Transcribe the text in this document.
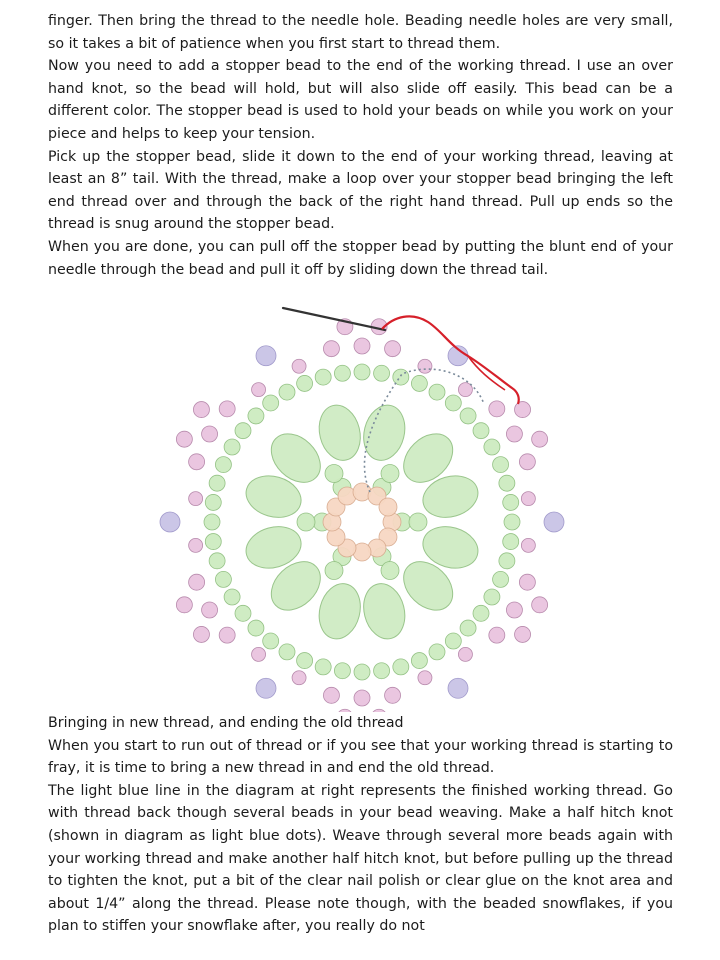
finger. Then bring the thread to the needle hole. Beading needle holes are very small, so it takes a bit of patience when you first start to thread them.

Now you need to add a stopper bead to the end of the working thread. I use an over hand knot, so the bead will hold, but will also slide off easily. This bead can be a different color. The stopper bead is used to hold your beads on while you work on your piece and helps to keep your tension.

Pick up the stopper bead, slide it down to the end of your working thread, leaving at least an 8” tail. With the thread, make a loop over your stopper bead bringing the left end thread over and through the back of the right hand thread. Pull up ends so the thread is snug around the stopper bead.

When you are done, you can pull off the stopper bead by putting the blunt end of your needle through the bead and pull it off by sliding down the thread tail.

Bringing in new thread, and ending the old thread

When you start to run out of thread or if you see that your working thread is starting to fray, it is time to bring a new thread in and end the old thread.

The light blue line in the diagram at right represents the finished working thread. Go with thread back though several beads in your bead weaving. Make a half hitch knot (shown in diagram as light blue dots). Weave through several more beads again with your working thread and make another half hitch knot, but before pulling up the thread to tighten the knot, put a bit of the clear nail polish or clear glue on the knot area and about 1/4” along the thread. Please note though, with the beaded snowflakes, if you plan to stiffen your snowflake after, you really do not
